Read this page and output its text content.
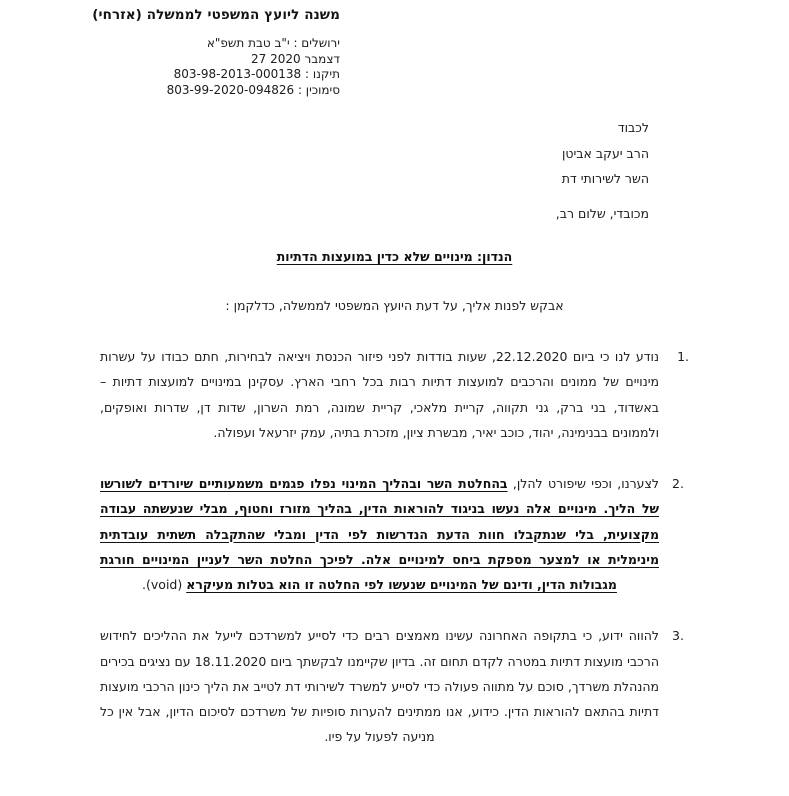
משנה ליועץ המשפטי לממשלה (אזרחי)
ירושלים : י"ב טבת תשפ"א
27 דצמבר 2020
תיקנו : 803-98-2013-000138
סימוכין : 803-99-2020-094826
לכבוד
הרב יעקב אביטן
השר לשירותי דת
מכובדי, שלום רב,
הנדון: מינויים שלא כדין במועצות הדתיות
אבקש לפנות אליך, על דעת היועץ המשפטי לממשלה, כדלקמן :
1.
נודע לנו כי ביום 22.12.2020, שעות בודדות לפני פיזור הכנסת ויציאה לבחירות, חתם כבודו על עשרות מינויים של ממונים והרכבים למועצות דתיות רבות בכל רחבי הארץ. עסקינן במינויים למועצות דתיות – באשדוד, בני ברק, גני תקווה, קריית מלאכי, קריית שמונה, רמת השרון, שדות דן, שדרות ואופקים, ולממונים בבנימינה, יהוד, כוכב יאיר, מבשרת ציון, מזכרת בתיה, עמק יזרעאל ועפולה.
2.
לצערנו, וכפי שיפורט להלן, בהחלטת השר ובהליך המינוי נפלו פגמים משמעותיים שיורדים לשורשו של הליך. מינויים אלה נעשו בניגוד להוראות הדין, בהליך מזורז וחטוף, מבלי שנעשתה עבודה מקצועית, בלי שנתקבלו חוות הדעת הנדרשות לפי הדין ומבלי שהתקבלה תשתית עובדתית מינימלית או למצער מספקת ביחס למינויים אלה. לפיכך החלטת השר לעניין המינויים חורגת מגבולות הדין, ודינם של המינויים שנעשו לפי החלטה זו הוא בטלות מעיקרא (void).
3.
להווה ידוע, כי בתקופה האחרונה עשינו מאמצים רבים כדי לסייע למשרדכם לייעל את ההליכים לחידוש הרכבי מועצות דתיות במטרה לקדם תחום זה. בדיון שקיימנו לבקשתך ביום 18.11.2020 עם נציגים בכירים מהנהלת משרדך, סוכם על מתווה פעולה כדי לסייע למשרד לשירותי דת לטייב את הליך כינון הרכבי מועצות דתיות בהתאם להוראות הדין. כידוע, אנו ממתינים להערות סופיות של משרדכם לסיכום הדיון, אבל אין כל מניעה לפעול על פיו.
